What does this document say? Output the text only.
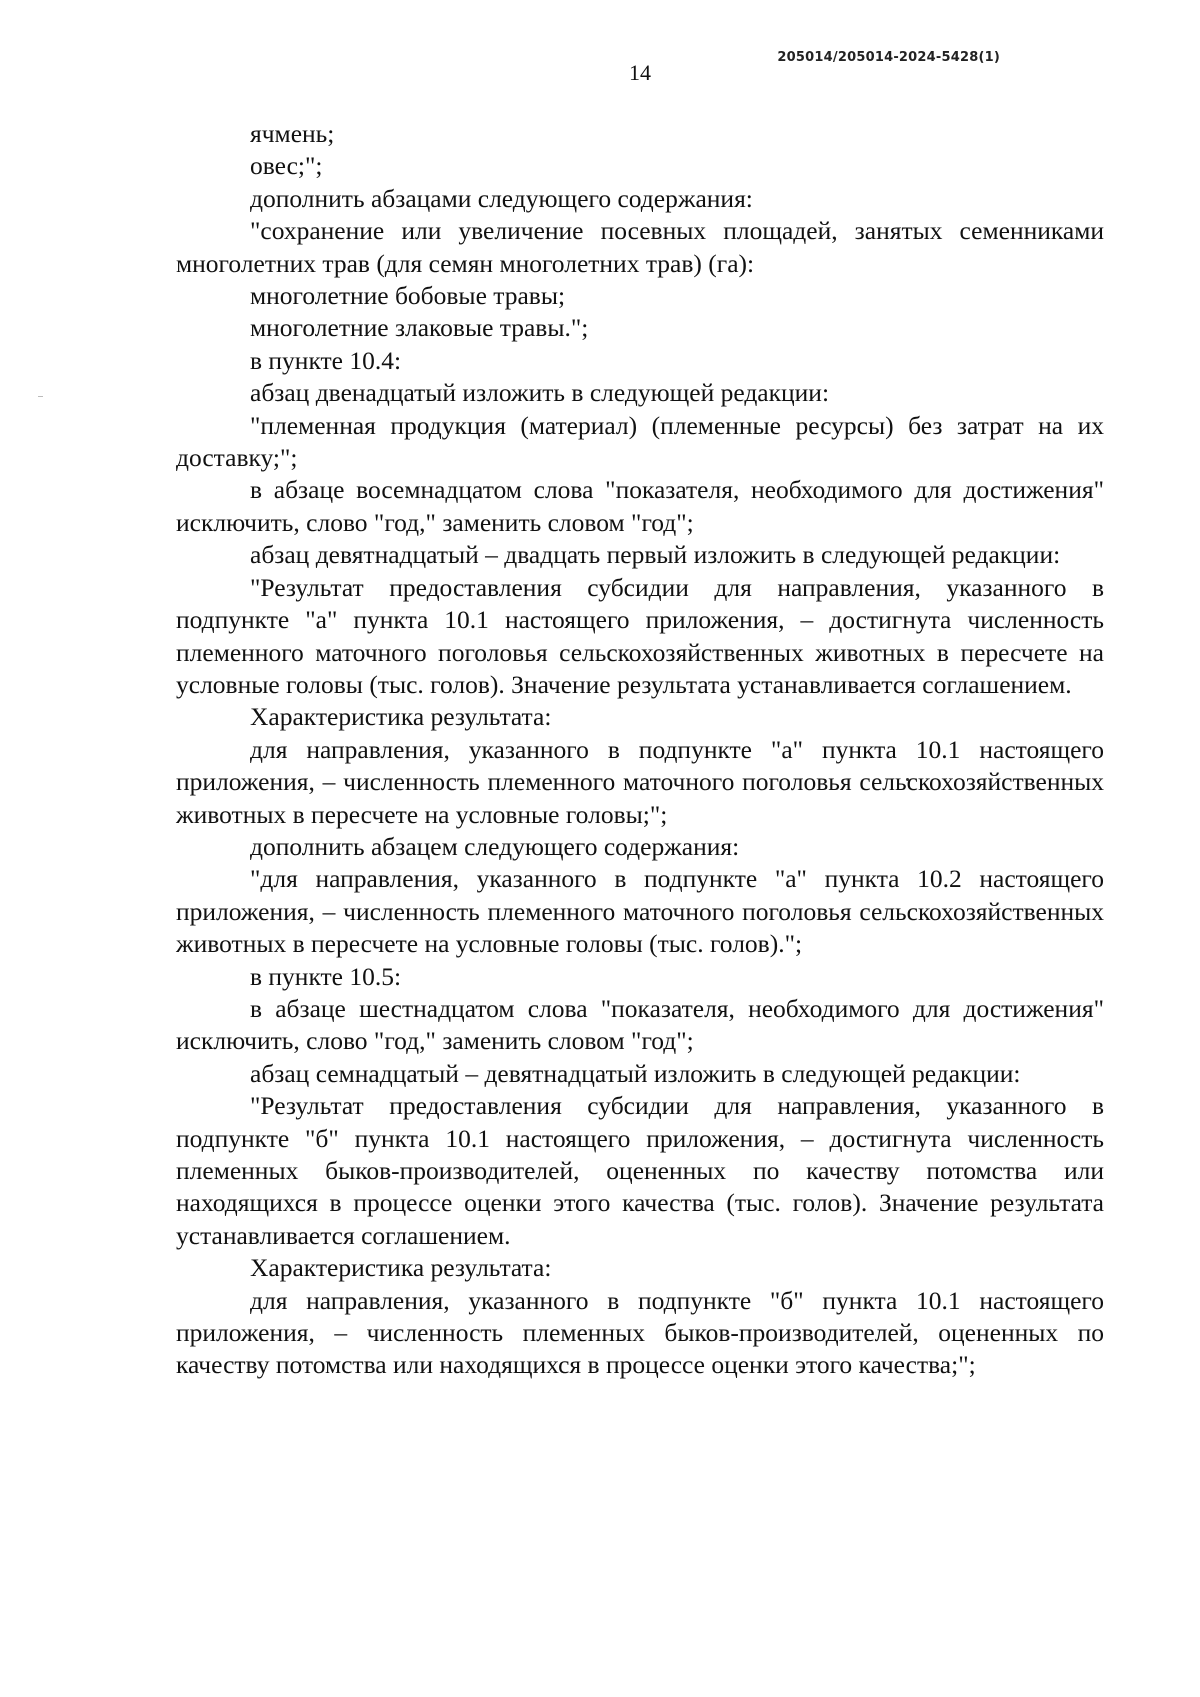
205014/205014-2024-5428(1)
14

ячмень;

овес;";

дополнить абзацами следующего содержания:

"сохранение или увеличение посевных площадей, занятых семенниками многолетних трав (для семян многолетних трав) (га):

многолетние бобовые травы;

многолетние злаковые травы.";

в пункте 10.4:

абзац двенадцатый изложить в следующей редакции:

"племенная продукция (материал) (племенные ресурсы) без затрат на их доставку;";

в абзаце восемнадцатом слова "показателя, необходимого для достижения" исключить, слово "год," заменить словом "год";

абзац девятнадцатый – двадцать первый изложить в следующей редакции:

"Результат предоставления субсидии для направления, указанного в подпункте "а" пункта 10.1 настоящего приложения, – достигнута численность племенного маточного поголовья сельскохозяйственных животных в пересчете на условные головы (тыс. голов). Значение результата устанавливается соглашением.

Характеристика результата:

для направления, указанного в подпункте "а" пункта 10.1 настоящего приложения, – численность племенного маточного поголовья сельскохозяйственных животных в пересчете на условные головы;";

дополнить абзацем следующего содержания:

"для направления, указанного в подпункте "а" пункта 10.2 настоящего приложения, – численность племенного маточного поголовья сельскохозяйственных животных в пересчете на условные головы (тыс. голов).";

в пункте 10.5:

в абзаце шестнадцатом слова "показателя, необходимого для достижения" исключить, слово "год," заменить словом "год";

абзац семнадцатый – девятнадцатый изложить в следующей редакции:

"Результат предоставления субсидии для направления, указанного в подпункте "б" пункта 10.1 настоящего приложения, – достигнута численность племенных быков-производителей, оцененных по качеству потомства или находящихся в процессе оценки этого качества (тыс. голов). Значение результата устанавливается соглашением.

Характеристика результата:

для направления, указанного в подпункте "б" пункта 10.1 настоящего приложения, – численность племенных быков-производителей, оцененных по качеству потомства или находящихся в процессе оценки этого качества;";
